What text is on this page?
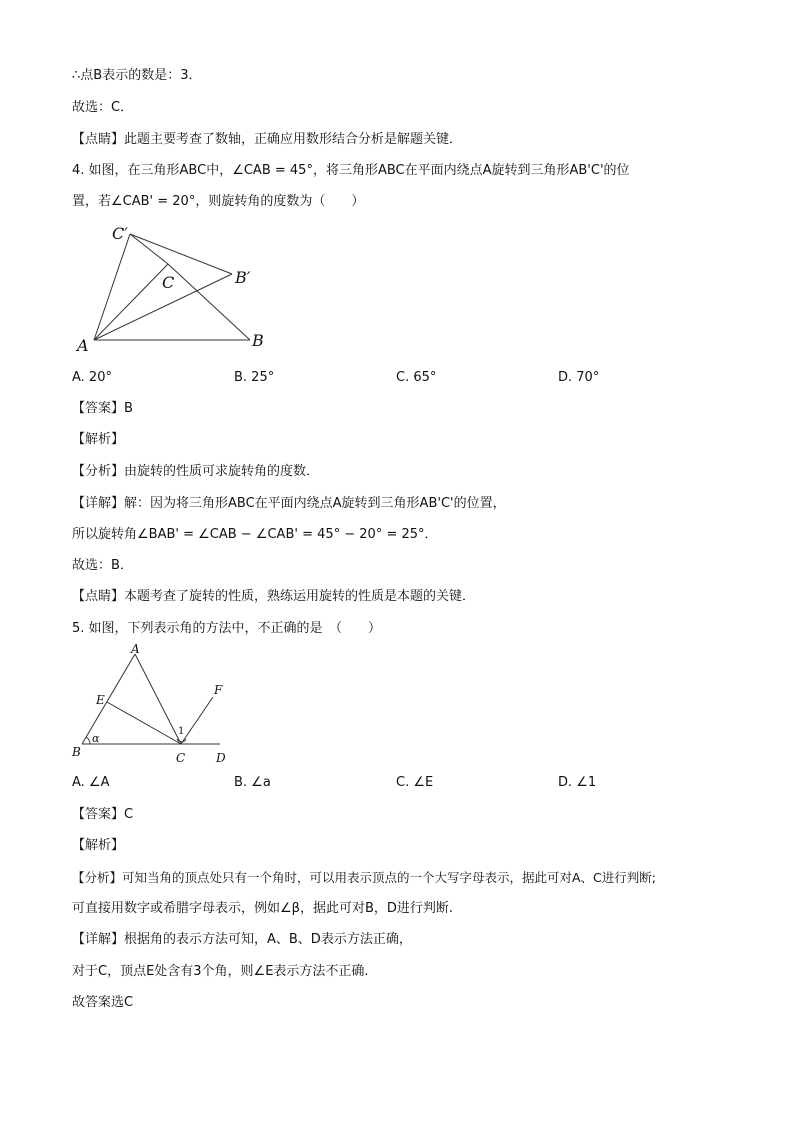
∴点B表示的数是：3．
故选：C．
【点睛】此题主要考查了数轴，正确应用数形结合分析是解题关键．
4. 如图，在三角形ABC中，∠CAB = 45°，将三角形ABC在平面内绕点A旋转到三角形AB'C'的位
置，若∠CAB' = 20°，则旋转角的度数为（　　）
C′
C	B′
A	B
A. 20°	B. 25°	C. 65°	D. 70°
【答案】B
【解析】
【分析】由旋转的性质可求旋转角的度数．
【详解】解：因为将三角形ABC在平面内绕点A旋转到三角形AB'C'的位置，
所以旋转角∠BAB' = ∠CAB − ∠CAB' = 45° − 20° = 25°．
故选：B．
【点睛】本题考查了旋转的性质，熟练运用旋转的性质是本题的关键．
5. 如图，下列表示角的方法中，不正确的是　（　　）
A
E
F
1
α
B	C	D
A. ∠A	B. ∠a	C. ∠E	D. ∠1
【答案】C
【解析】
【分析】可知当角的顶点处只有一个角时，可以用表示顶点的一个大写字母表示，据此可对A、C进行判断;
可直接用数字或希腊字母表示，例如∠β，据此可对B，D进行判断.
【详解】根据角的表示方法可知，A、B、D表示方法正确，
对于C，顶点E处含有3个角，则∠E表示方法不正确.
故答案选C
